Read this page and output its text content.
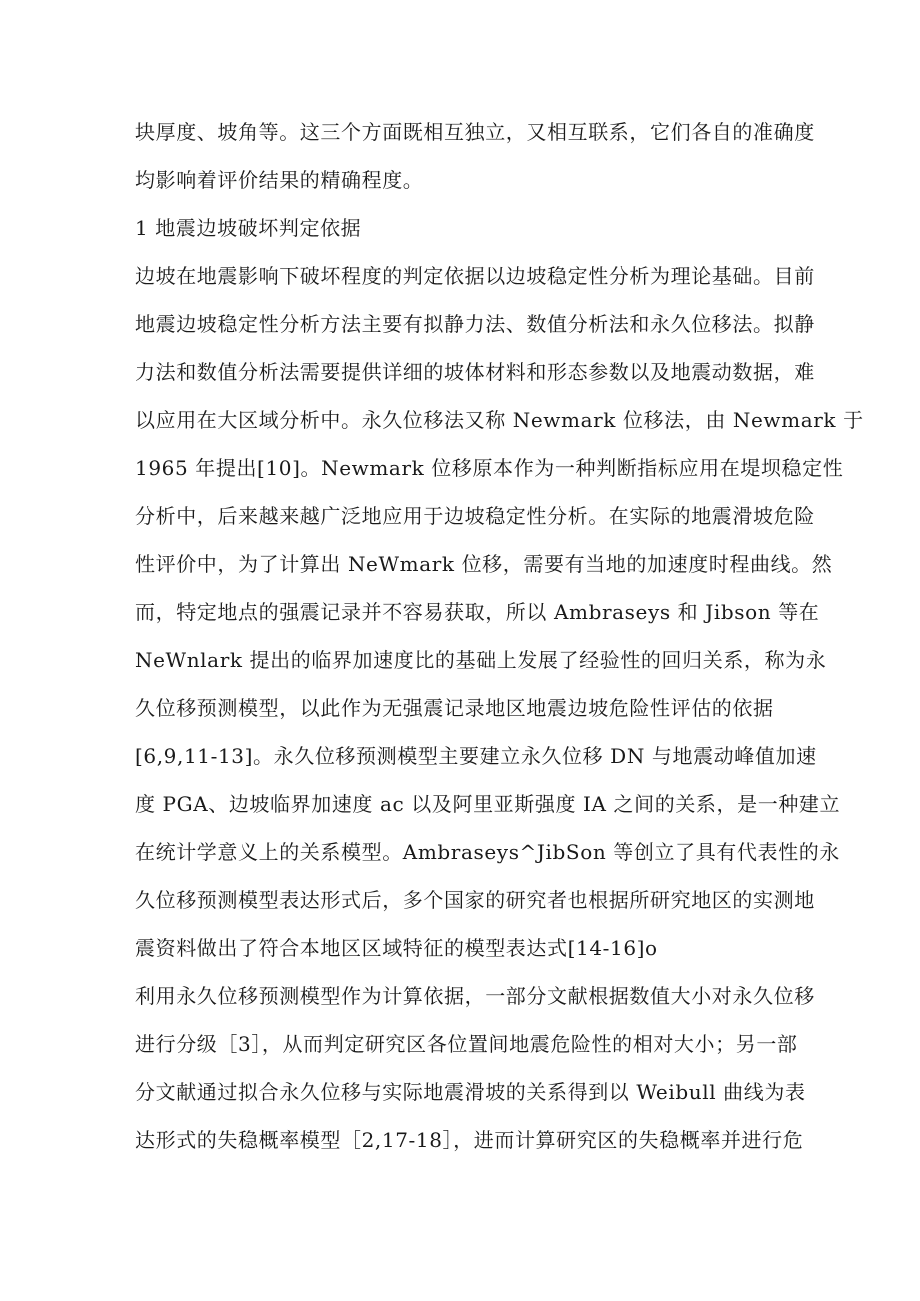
块厚度、坡角等。这三个方面既相互独立，又相互联系，它们各自的准确度
均影响着评价结果的精确程度。
1 地震边坡破坏判定依据
边坡在地震影响下破坏程度的判定依据以边坡稳定性分析为理论基础。目前
地震边坡稳定性分析方法主要有拟静力法、数值分析法和永久位移法。拟静
力法和数值分析法需要提供详细的坡体材料和形态参数以及地震动数据，难
以应用在大区域分析中。永久位移法又称 Newmark 位移法，由 Newmark 于
1965 年提出[10]。Newmark 位移原本作为一种判断指标应用在堤坝稳定性
分析中，后来越来越广泛地应用于边坡稳定性分析。在实际的地震滑坡危险
性评价中，为了计算出 NeWmark 位移，需要有当地的加速度时程曲线。然
而，特定地点的强震记录并不容易获取，所以 Ambraseys 和 Jibson 等在
NeWnlark 提出的临界加速度比的基础上发展了经验性的回归关系，称为永
久位移预测模型，以此作为无强震记录地区地震边坡危险性评估的依据
[6,9,11-13]。永久位移预测模型主要建立永久位移 DN 与地震动峰值加速
度 PGA、边坡临界加速度 ac 以及阿里亚斯强度 IA 之间的关系，是一种建立
在统计学意义上的关系模型。Ambraseys^JibSon 等创立了具有代表性的永
久位移预测模型表达形式后，多个国家的研究者也根据所研究地区的实测地
震资料做出了符合本地区区域特征的模型表达式[14-16]o
利用永久位移预测模型作为计算依据，一部分文献根据数值大小对永久位移
进行分级［3］，从而判定研究区各位置间地震危险性的相对大小；另一部
分文献通过拟合永久位移与实际地震滑坡的关系得到以 Weibull 曲线为表
达形式的失稳概率模型［2,17-18］，进而计算研究区的失稳概率并进行危
